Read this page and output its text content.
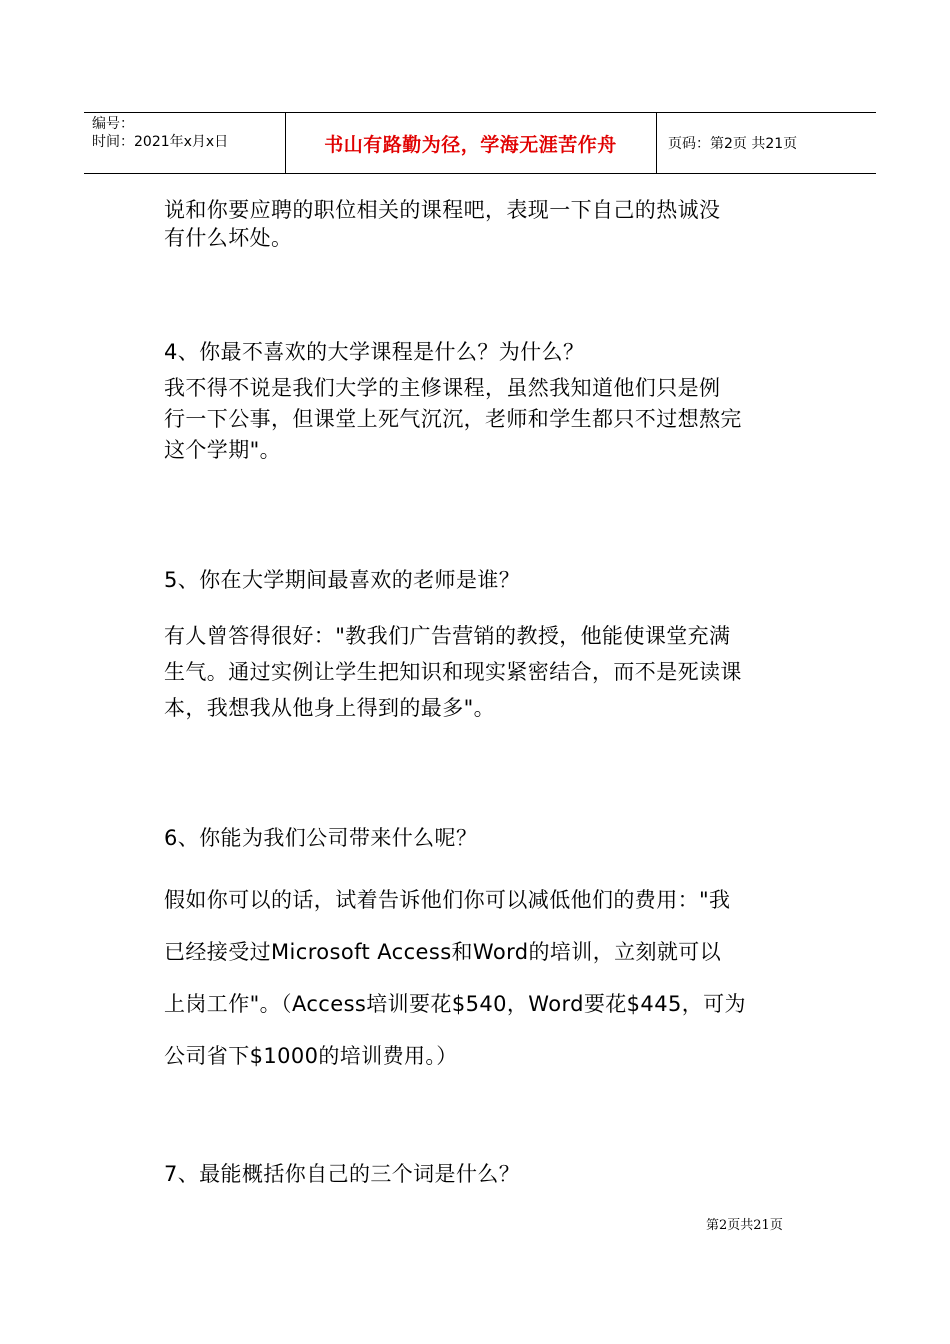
编号：
时间：2021年x月x日	书山有路勤为径，学海无涯苦作舟	页码：第2页 共21页

说和你要应聘的职位相关的课程吧，表现一下自己的热诚没

有什么坏处。

4、你最不喜欢的大学课程是什么？为什么？

我不得不说是我们大学的主修课程，虽然我知道他们只是例

行一下公事，但课堂上死气沉沉，老师和学生都只不过想熬完

这个学期"。

5、你在大学期间最喜欢的老师是谁？

有人曾答得很好："教我们广告营销的教授，他能使课堂充满

生气。通过实例让学生把知识和现实紧密结合，而不是死读课

本，我想我从他身上得到的最多"。

6、你能为我们公司带来什么呢？

假如你可以的话，试着告诉他们你可以减低他们的费用："我

已经接受过Microsoft Access和Word的培训，立刻就可以

上岗工作"。（Access培训要花$540，Word要花$445，可为

公司省下$1000的培训费用。）

7、最能概括你自己的三个词是什么？

第2页共21页
